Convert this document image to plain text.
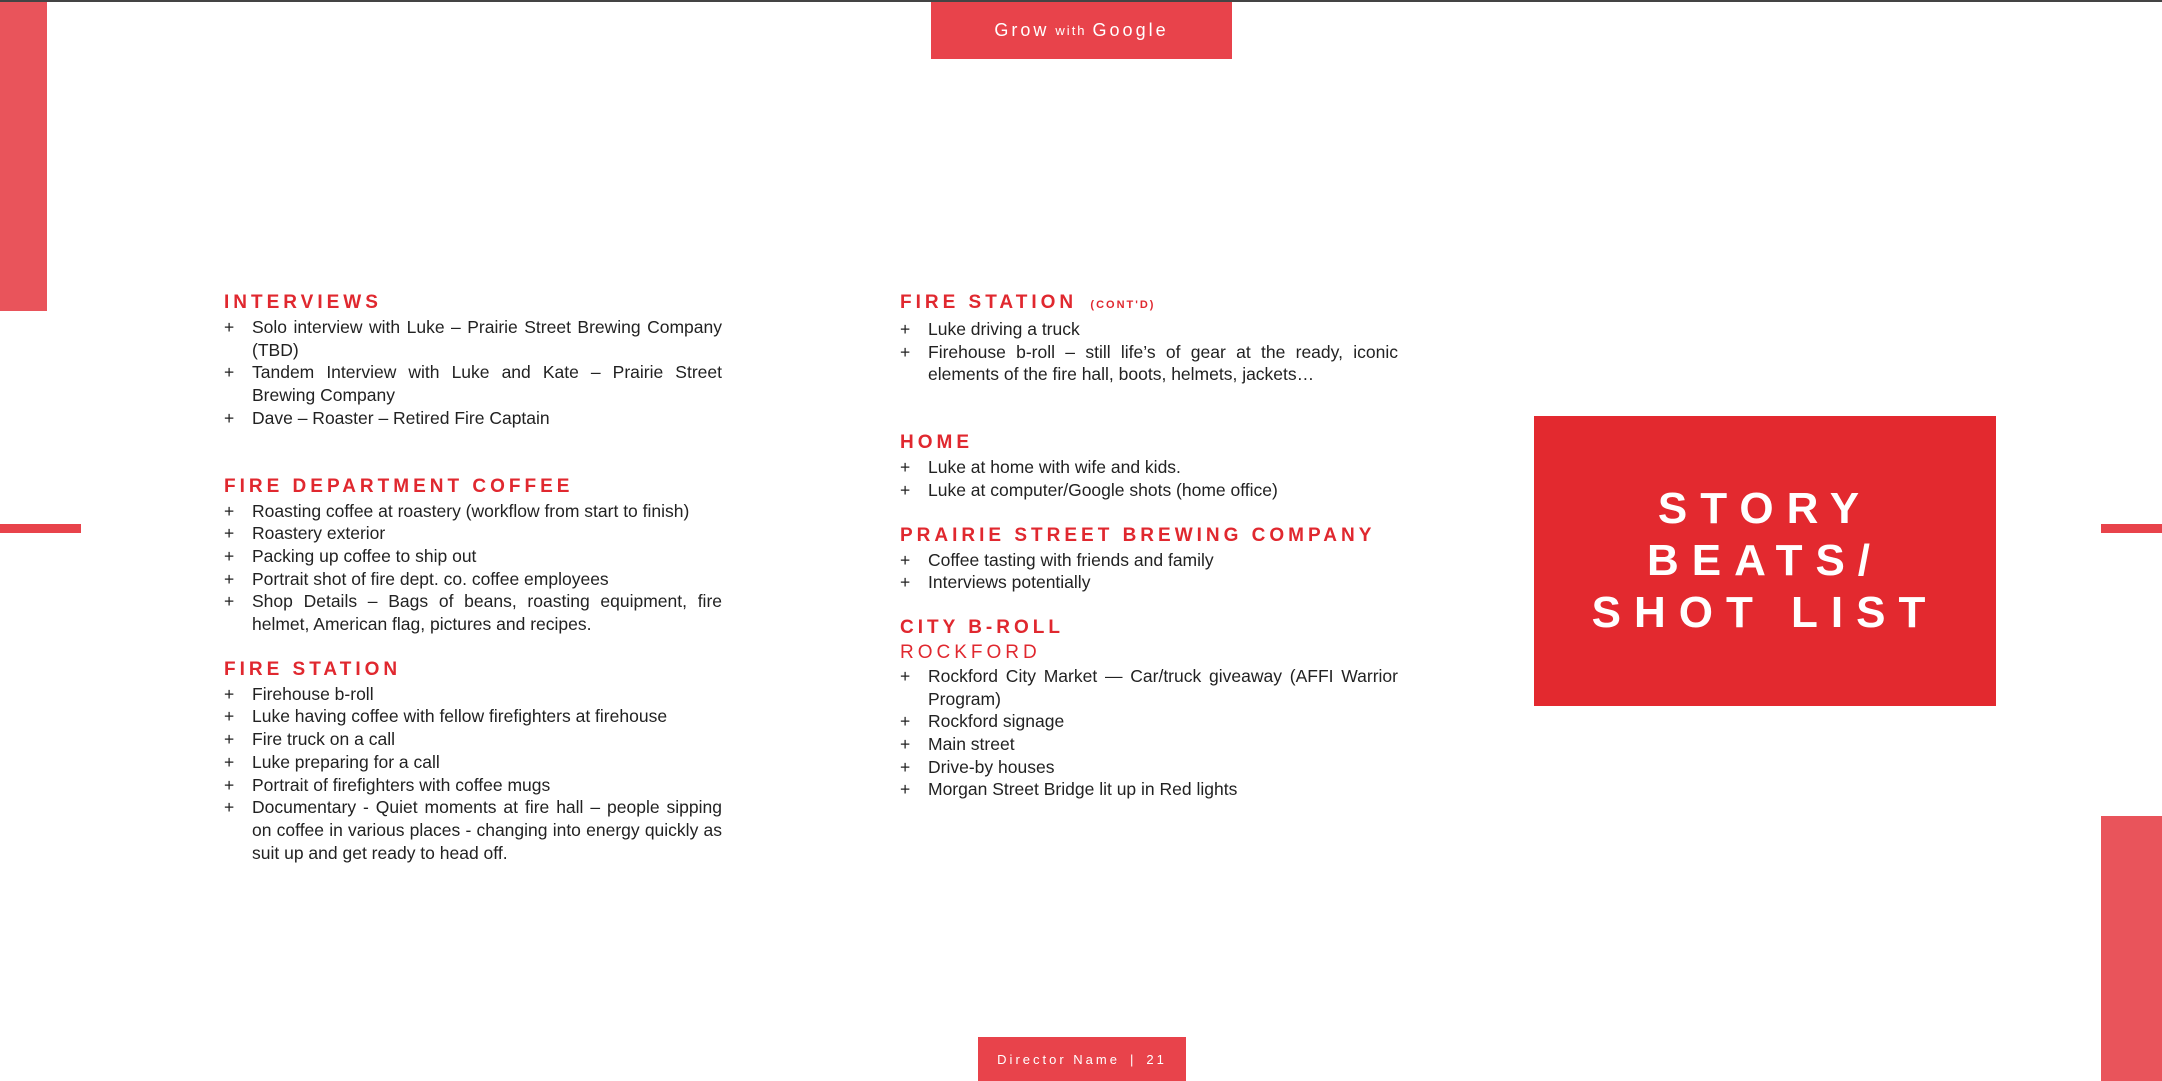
Grow with Google
INTERVIEWS
+ Solo interview with Luke – Prairie Street Brewing Company (TBD)
+ Tandem Interview with Luke and Kate – Prairie Street Brewing Company
+ Dave – Roaster – Retired Fire Captain
FIRE DEPARTMENT COFFEE
+ Roasting coffee at roastery (workflow from start to finish)
+ Roastery exterior
+ Packing up coffee to ship out
+ Portrait shot of fire dept. co. coffee employees
+ Shop Details – Bags of beans, roasting equipment, fire helmet, American flag, pictures and recipes.
FIRE STATION
+ Firehouse b-roll
+ Luke having coffee with fellow firefighters at firehouse
+ Fire truck on a call
+ Luke preparing for a call
+ Portrait of firefighters with coffee mugs
+ Documentary - Quiet moments at fire hall – people sipping on coffee in various places - changing into energy quickly as suit up and get ready to head off.
FIRE STATION (CONT'D)
+ Luke driving a truck
+ Firehouse b-roll – still life’s of gear at the ready, iconic elements of the fire hall, boots, helmets, jackets…
HOME
+ Luke at home with wife and kids.
+ Luke at computer/Google shots (home office)
PRAIRIE STREET BREWING COMPANY
+ Coffee tasting with friends and family
+ Interviews potentially
CITY B-ROLL
ROCKFORD
+ Rockford City Market — Car/truck giveaway (AFFI Warrior Program)
+ Rockford signage
+ Main street
+ Drive-by houses
+ Morgan Street Bridge lit up in Red lights
STORY
BEATS/
SHOT LIST
Director Name | 21
